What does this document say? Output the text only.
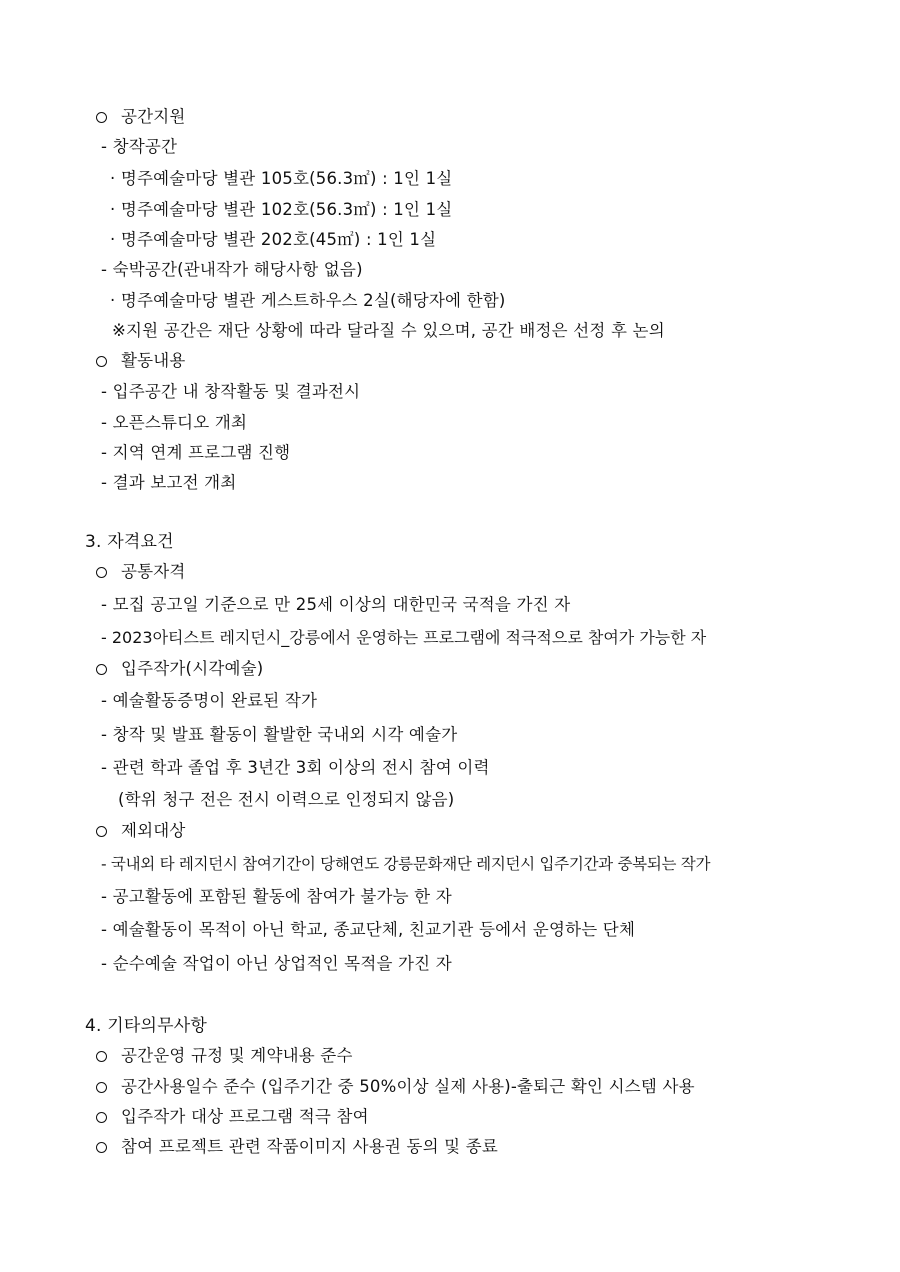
공간지원
- 창작공간
· 명주예술마당 별관 105호(56.3㎡) : 1인 1실
· 명주예술마당 별관 102호(56.3㎡) : 1인 1실
· 명주예술마당 별관 202호(45㎡) : 1인 1실
- 숙박공간(관내작가 해당사항 없음)
· 명주예술마당 별관 게스트하우스 2실(해당자에 한함)
※지원 공간은 재단 상황에 따라 달라질 수 있으며, 공간 배정은 선정 후 논의
활동내용
- 입주공간 내 창작활동 및 결과전시
- 오픈스튜디오 개최
- 지역 연계 프로그램 진행
- 결과 보고전 개최
3. 자격요건
공통자격
- 모집 공고일 기준으로 만 25세 이상의 대한민국 국적을 가진 자
- 2023아티스트 레지던시_강릉에서 운영하는 프로그램에 적극적으로 참여가 가능한 자
입주작가(시각예술)
- 예술활동증명이 완료된 작가
- 창작 및 발표 활동이 활발한 국내외 시각 예술가
- 관련 학과 졸업 후 3년간 3회 이상의 전시 참여 이력
(학위 청구 전은 전시 이력으로 인정되지 않음)
제외대상
- 국내외 타 레지던시 참여기간이 당해연도 강릉문화재단 레지던시 입주기간과 중복되는 작가
- 공고활동에 포함된 활동에 참여가 불가능 한 자
- 예술활동이 목적이 아닌 학교, 종교단체, 친교기관 등에서 운영하는 단체
- 순수예술 작업이 아닌 상업적인 목적을 가진 자
4. 기타의무사항
공간운영 규정 및 계약내용 준수
공간사용일수 준수 (입주기간 중 50%이상 실제 사용)-출퇴근 확인 시스템 사용
입주작가 대상 프로그램 적극 참여
참여 프로젝트 관련 작품이미지 사용권 동의 및 종료
